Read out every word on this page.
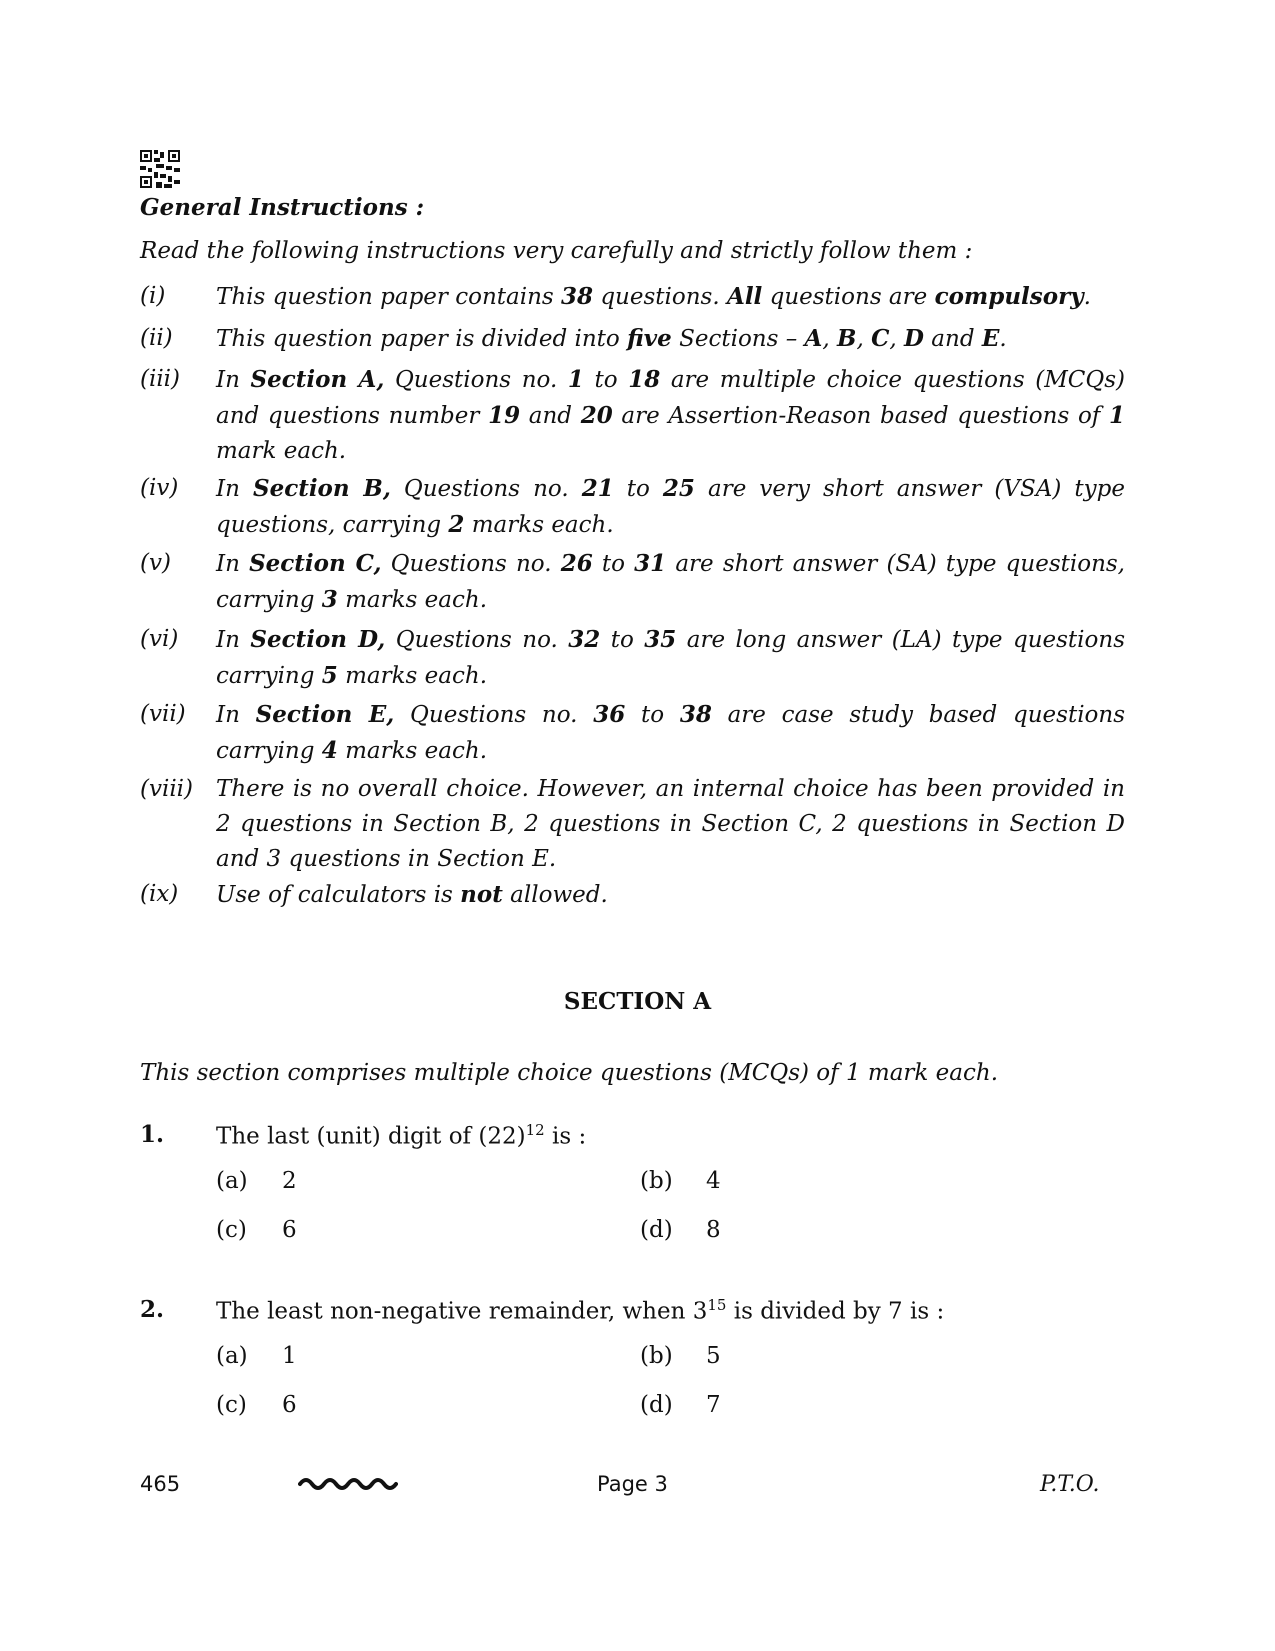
General Instructions :
Read the following instructions very carefully and strictly follow them :
(i) This question paper contains 38 questions. All questions are compulsory.
(ii) This question paper is divided into five Sections – A, B, C, D and E.
(iii) In Section A, Questions no. 1 to 18 are multiple choice questions (MCQs) and questions number 19 and 20 are Assertion-Reason based questions of 1 mark each.
(iv) In Section B, Questions no. 21 to 25 are very short answer (VSA) type questions, carrying 2 marks each.
(v) In Section C, Questions no. 26 to 31 are short answer (SA) type questions, carrying 3 marks each.
(vi) In Section D, Questions no. 32 to 35 are long answer (LA) type questions carrying 5 marks each.
(vii) In Section E, Questions no. 36 to 38 are case study based questions carrying 4 marks each.
(viii) There is no overall choice. However, an internal choice has been provided in 2 questions in Section B, 2 questions in Section C, 2 questions in Section D and 3 questions in Section E.
(ix) Use of calculators is not allowed.
SECTION A
This section comprises multiple choice questions (MCQs) of 1 mark each.
1. The last (unit) digit of $(22)^{12}$ is :
(a) 2	(b) 4
(c) 6	(d) 8
2. The least non-negative remainder, when $3^{15}$ is divided by 7 is :
(a) 1	(b) 5
(c) 6	(d) 7
465	Page 3	P.T.O.
